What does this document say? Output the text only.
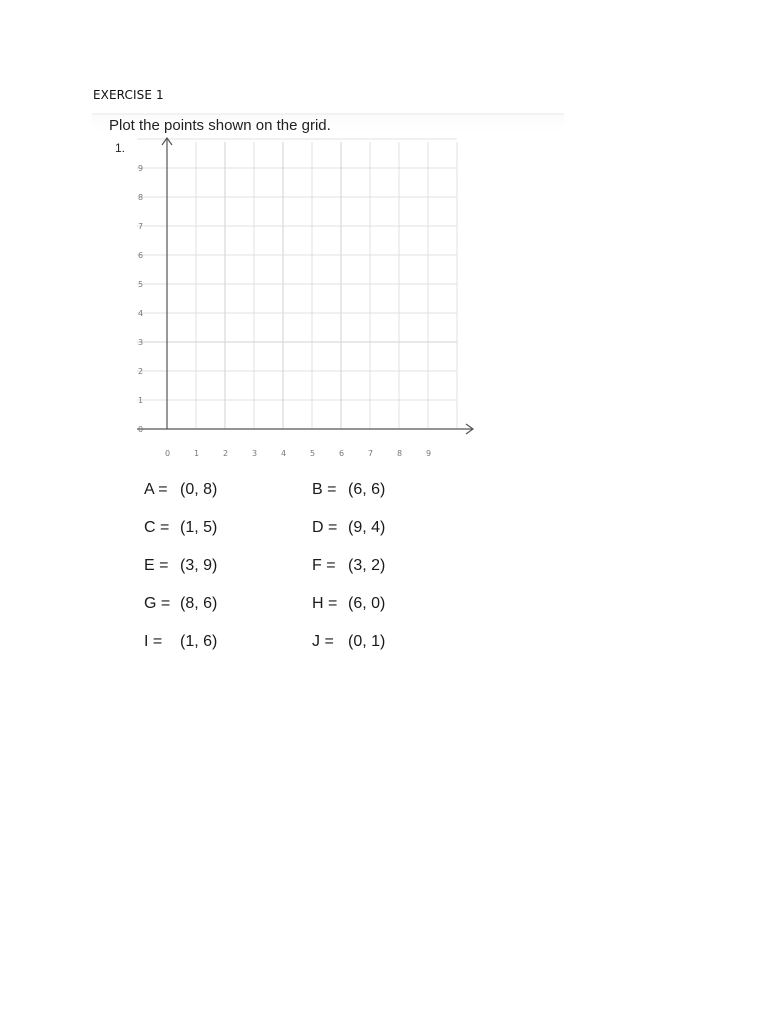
EXERCISE 1
Plot the points shown on the grid.
1.
0
1
2
3
4
5
6
7
8
9
0	1	2	3	4	5	6	7	8	9
A = (0, 8)	B = (6, 6)
C = (1, 5)	D = (9, 4)
E = (3, 9)	F = (3, 2)
G = (8, 6)	H = (6, 0)
I = (1, 6)	J = (0, 1)
